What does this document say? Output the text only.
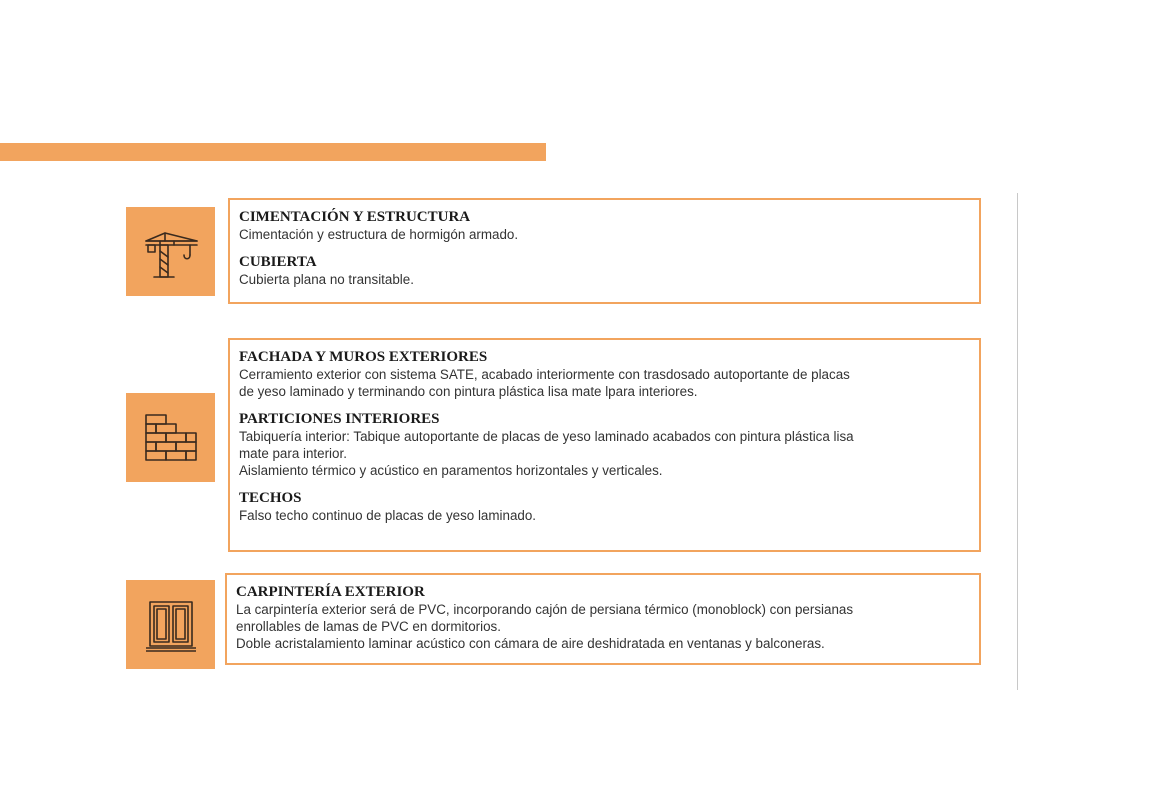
CIMENTACIÓN Y ESTRUCTURA
Cimentación y estructura de hormigón armado.
CUBIERTA
Cubierta plana no transitable.
FACHADA Y MUROS EXTERIORES
Cerramiento exterior con sistema SATE, acabado interiormente con trasdosado autoportante de placas
de yeso laminado y terminando con pintura plástica lisa mate lpara interiores.
PARTICIONES INTERIORES
Tabiquería interior: Tabique autoportante de placas de yeso laminado acabados con pintura plástica lisa
mate para interior.
Aislamiento térmico y acústico en paramentos horizontales y verticales.
TECHOS
Falso techo continuo de placas de yeso laminado.
CARPINTERÍA EXTERIOR
La carpintería exterior será de PVC, incorporando cajón de persiana térmico (monoblock) con persianas
enrollables de lamas de PVC en dormitorios.
Doble acristalamiento laminar acústico con cámara de aire deshidratada en ventanas y balconeras.
